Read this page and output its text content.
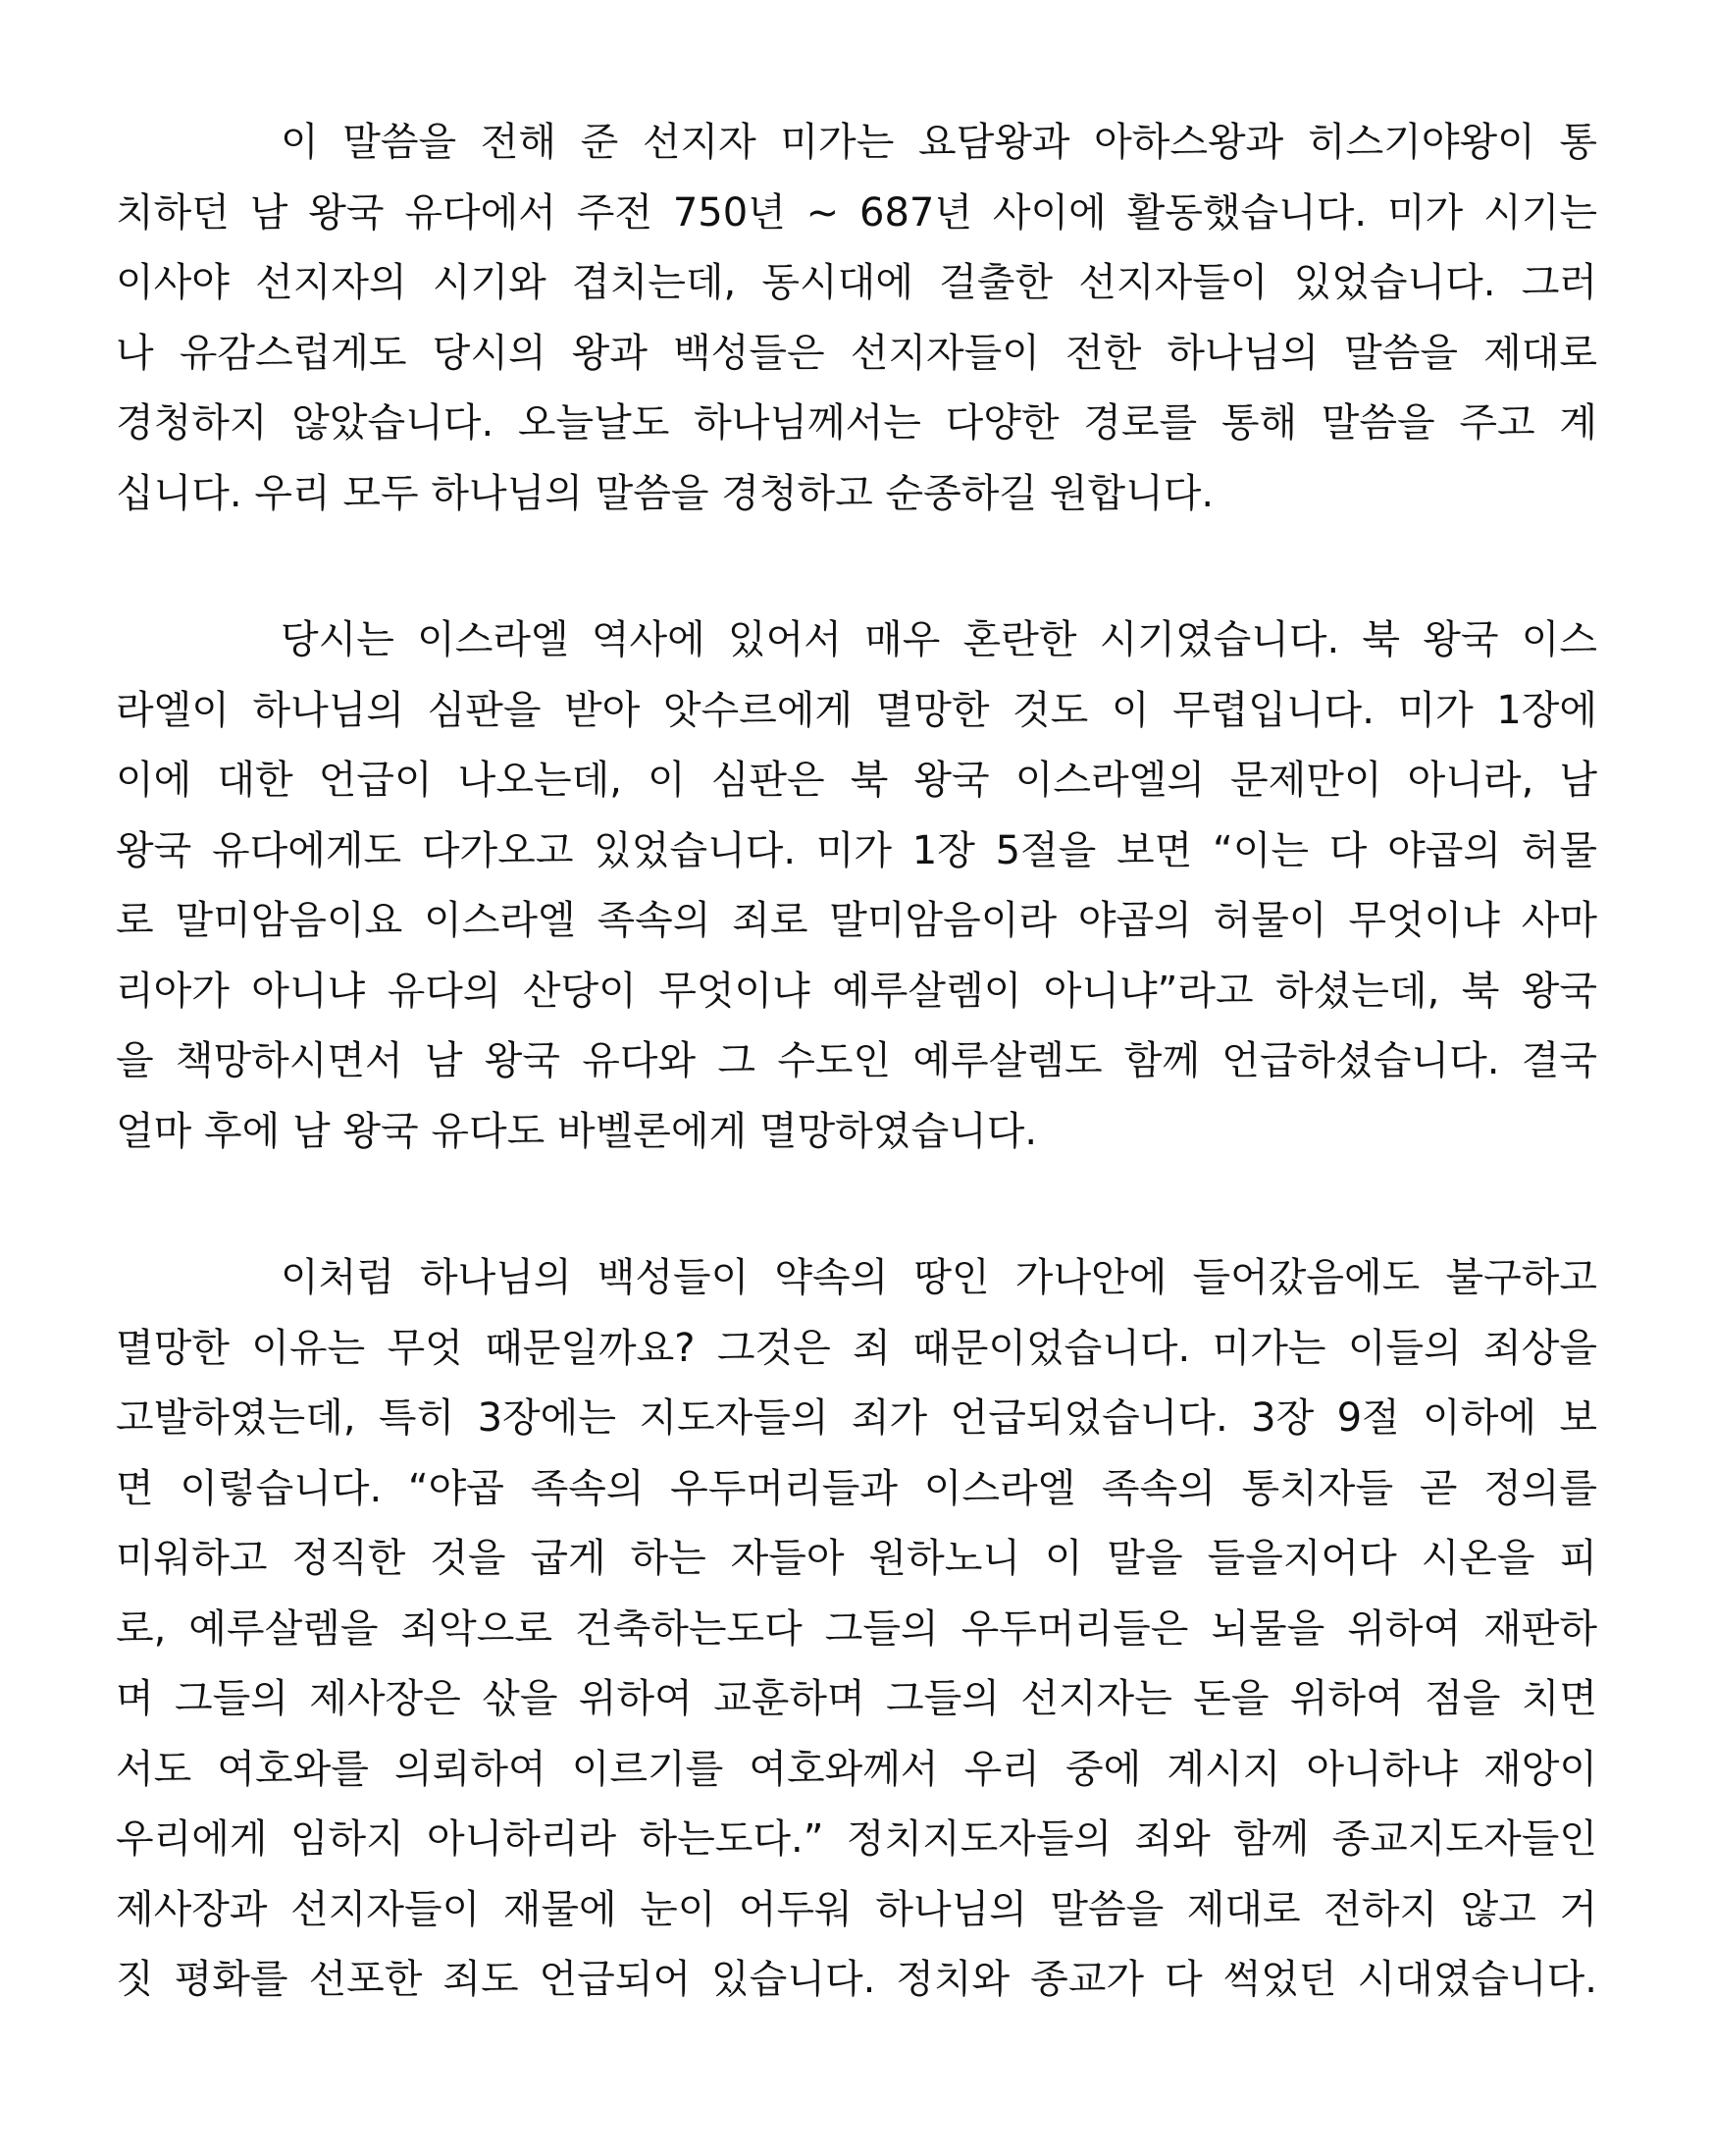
이 말씀을 전해 준 선지자 미가는 요담왕과 아하스왕과 히스기야왕이 통
치하던 남 왕국 유다에서 주전 750년 ~ 687년 사이에 활동했습니다. 미가 시기는
이사야 선지자의 시기와 겹치는데, 동시대에 걸출한 선지자들이 있었습니다. 그러
나 유감스럽게도 당시의 왕과 백성들은 선지자들이 전한 하나님의 말씀을 제대로
경청하지 않았습니다. 오늘날도 하나님께서는 다양한 경로를 통해 말씀을 주고 계
십니다. 우리 모두 하나님의 말씀을 경청하고 순종하길 원합니다.
당시는 이스라엘 역사에 있어서 매우 혼란한 시기였습니다. 북 왕국 이스
라엘이 하나님의 심판을 받아 앗수르에게 멸망한 것도 이 무렵입니다. 미가 1장에
이에 대한 언급이 나오는데, 이 심판은 북 왕국 이스라엘의 문제만이 아니라, 남
왕국 유다에게도 다가오고 있었습니다. 미가 1장 5절을 보면 “이는 다 야곱의 허물
로 말미암음이요 이스라엘 족속의 죄로 말미암음이라 야곱의 허물이 무엇이냐 사마
리아가 아니냐 유다의 산당이 무엇이냐 예루살렘이 아니냐”라고 하셨는데, 북 왕국
을 책망하시면서 남 왕국 유다와 그 수도인 예루살렘도 함께 언급하셨습니다. 결국
얼마 후에 남 왕국 유다도 바벨론에게 멸망하였습니다.
이처럼 하나님의 백성들이 약속의 땅인 가나안에 들어갔음에도 불구하고
멸망한 이유는 무엇 때문일까요? 그것은 죄 때문이었습니다. 미가는 이들의 죄상을
고발하였는데, 특히 3장에는 지도자들의 죄가 언급되었습니다. 3장 9절 이하에 보
면 이렇습니다. “야곱 족속의 우두머리들과 이스라엘 족속의 통치자들 곧 정의를
미워하고 정직한 것을 굽게 하는 자들아 원하노니 이 말을 들을지어다 시온을 피
로, 예루살렘을 죄악으로 건축하는도다 그들의 우두머리들은 뇌물을 위하여 재판하
며 그들의 제사장은 삯을 위하여 교훈하며 그들의 선지자는 돈을 위하여 점을 치면
서도 여호와를 의뢰하여 이르기를 여호와께서 우리 중에 계시지 아니하냐 재앙이
우리에게 임하지 아니하리라 하는도다.” 정치지도자들의 죄와 함께 종교지도자들인
제사장과 선지자들이 재물에 눈이 어두워 하나님의 말씀을 제대로 전하지 않고 거
짓 평화를 선포한 죄도 언급되어 있습니다. 정치와 종교가 다 썩었던 시대였습니다.
